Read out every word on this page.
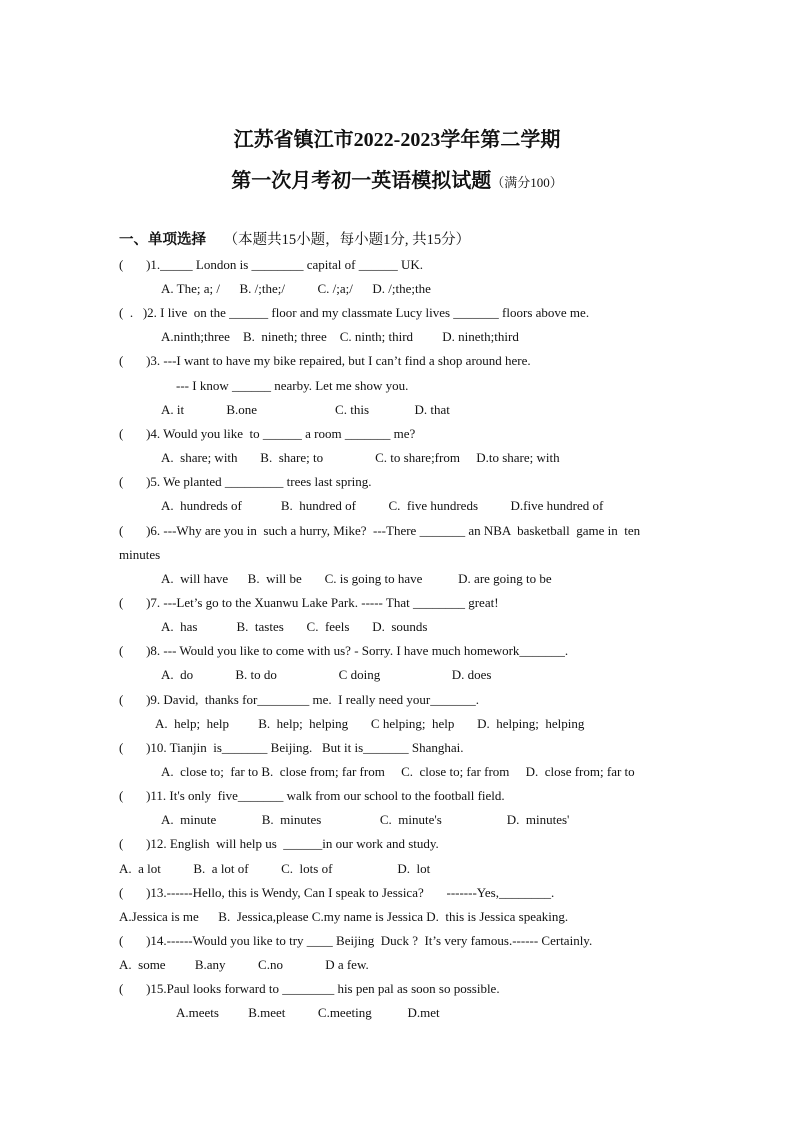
江苏省镇江市2022-2023学年第二学期
第一次月考初一英语模拟试题（满分100）
一、单项选择 （本题共15小题，每小题1分, 共15分）
(       )1._____ London is ________ capital of ______ UK.
A. The; a; /      B. /;the;/          C. /;a;/      D. /;the;the
(  .   )2. I live  on the ______ floor and my classmate Lucy lives _______ floors above me.
A.ninth;three    B.  nineth; three    C. ninth; third         D. nineth;third
(       )3. ---I want to have my bike repaired, but I can’t find a shop around here.
--- I know ______ nearby. Let me show you.
A. it             B.one                        C. this              D. that
(       )4. Would you like  to ______ a room _______ me?
A.  share; with       B.  share; to                C. to share;from     D.to share; with
(       )5. We planted _________ trees last spring.
A.  hundreds of            B.  hundred of          C.  five hundreds          D.five hundred of
(       )6. ---Why are you in  such a hurry, Mike?  ---There _______ an NBA  basketball  game in  ten
minutes
A.  will have      B.  will be       C. is going to have           D. are going to be
(       )7. ---Let’s go to the Xuanwu Lake Park. ----- That ________ great!
A.  has            B.  tastes       C.  feels       D.  sounds
(       )8. --- Would you like to come with us? - Sorry. I have much homework_______.
A.  do             B. to do                   C doing                      D. does
(       )9. David,  thanks for________ me.  I really need your_______.
A.  help;  help         B.  help;  helping       C helping;  help       D.  helping;  helping
(       )10. Tianjin  is_______ Beijing.   But it is_______ Shanghai.
A.  close to;  far to B.  close from; far from     C.  close to; far from     D.  close from; far to
(       )11. It's only  five_______ walk from our school to the football field.
A.  minute              B.  minutes                  C.  minute's                    D.  minutes'
(       )12. English  will help us  ______in our work and study.
A.  a lot          B.  a lot of          C.  lots of                    D.  lot
(       )13.------Hello, this is Wendy, Can I speak to Jessica?       -------Yes,________.
A.Jessica is me      B.  Jessica,please C.my name is Jessica D.  this is Jessica speaking.
(       )14.------Would you like to try ____ Beijing  Duck ?  It’s very famous.------ Certainly.
A.  some         B.any          C.no             D a few.
(       )15.Paul looks forward to ________ his pen pal as soon so possible.
A.meets         B.meet          C.meeting           D.met
